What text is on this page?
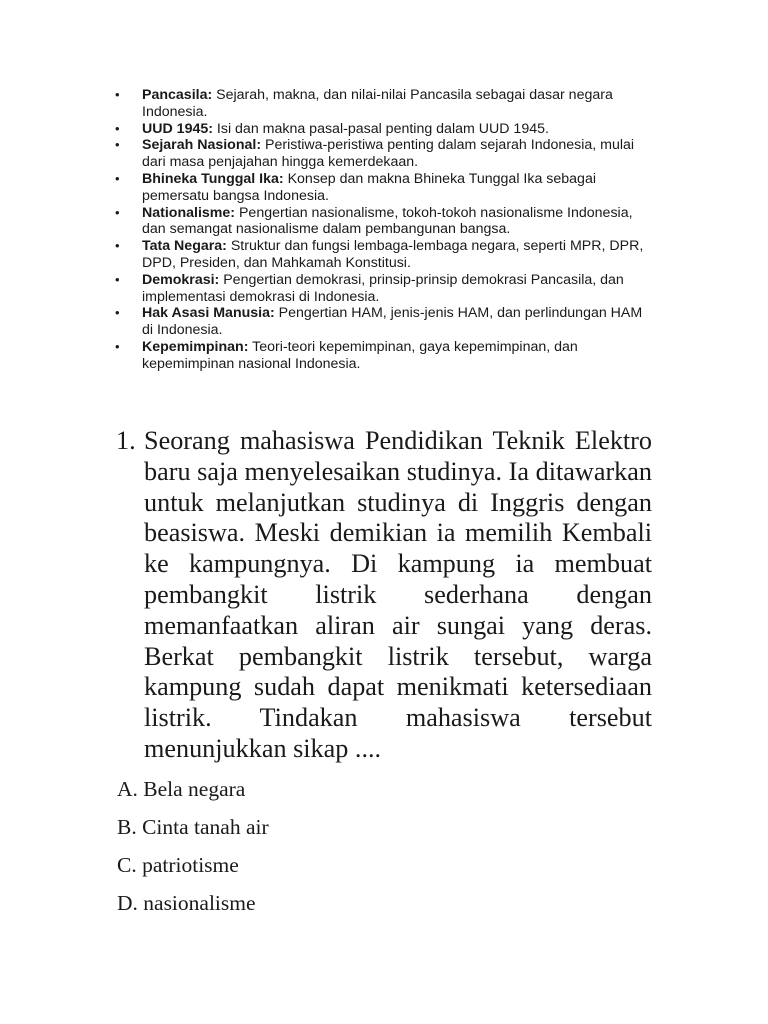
• Pancasila: Sejarah, makna, dan nilai-nilai Pancasila sebagai dasar negara Indonesia.
• UUD 1945: Isi dan makna pasal-pasal penting dalam UUD 1945.
• Sejarah Nasional: Peristiwa-peristiwa penting dalam sejarah Indonesia, mulai dari masa penjajahan hingga kemerdekaan.
• Bhineka Tunggal Ika: Konsep dan makna Bhineka Tunggal Ika sebagai pemersatu bangsa Indonesia.
• Nationalisme: Pengertian nasionalisme, tokoh-tokoh nasionalisme Indonesia, dan semangat nasionalisme dalam pembangunan bangsa.
• Tata Negara: Struktur dan fungsi lembaga-lembaga negara, seperti MPR, DPR, DPD, Presiden, dan Mahkamah Konstitusi.
• Demokrasi: Pengertian demokrasi, prinsip-prinsip demokrasi Pancasila, dan implementasi demokrasi di Indonesia.
• Hak Asasi Manusia: Pengertian HAM, jenis-jenis HAM, dan perlindungan HAM di Indonesia.
• Kepemimpinan: Teori-teori kepemimpinan, gaya kepemimpinan, dan kepemimpinan nasional Indonesia.
1. Seorang mahasiswa Pendidikan Teknik Elektro baru saja menyelesaikan studinya. Ia ditawarkan untuk melanjutkan studinya di Inggris dengan beasiswa. Meski demikian ia memilih Kembali ke kampungnya. Di kampung ia membuat pembangkit listrik sederhana dengan memanfaatkan aliran air sungai yang deras. Berkat pembangkit listrik tersebut, warga kampung sudah dapat menikmati ketersediaan listrik. Tindakan mahasiswa tersebut menunjukkan sikap ....
A. Bela negara
B. Cinta tanah air
C. patriotisme
D. nasionalisme
